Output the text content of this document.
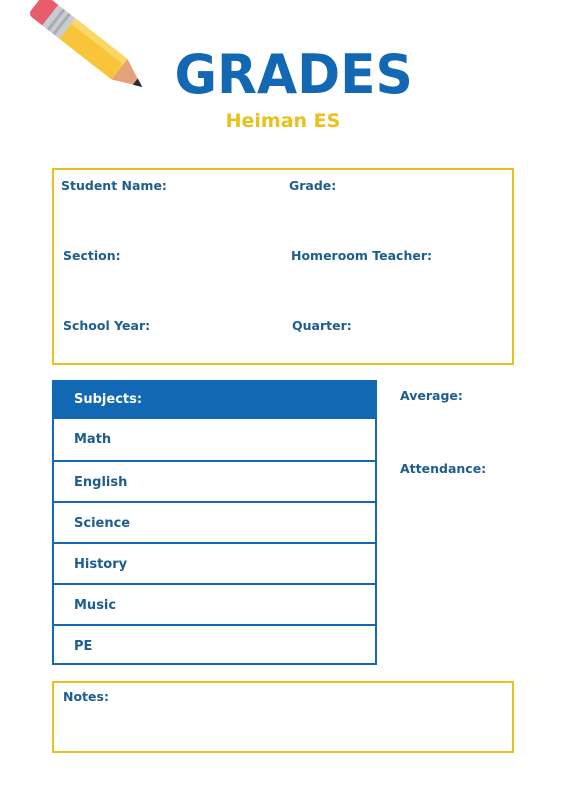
GRADES
Heiman ES
Student Name:	Grade:
Section:	Homeroom Teacher:
School Year:	Quarter:
Subjects:
Math
English
Science
History
Music
PE
Average:
Attendance:
Notes:
